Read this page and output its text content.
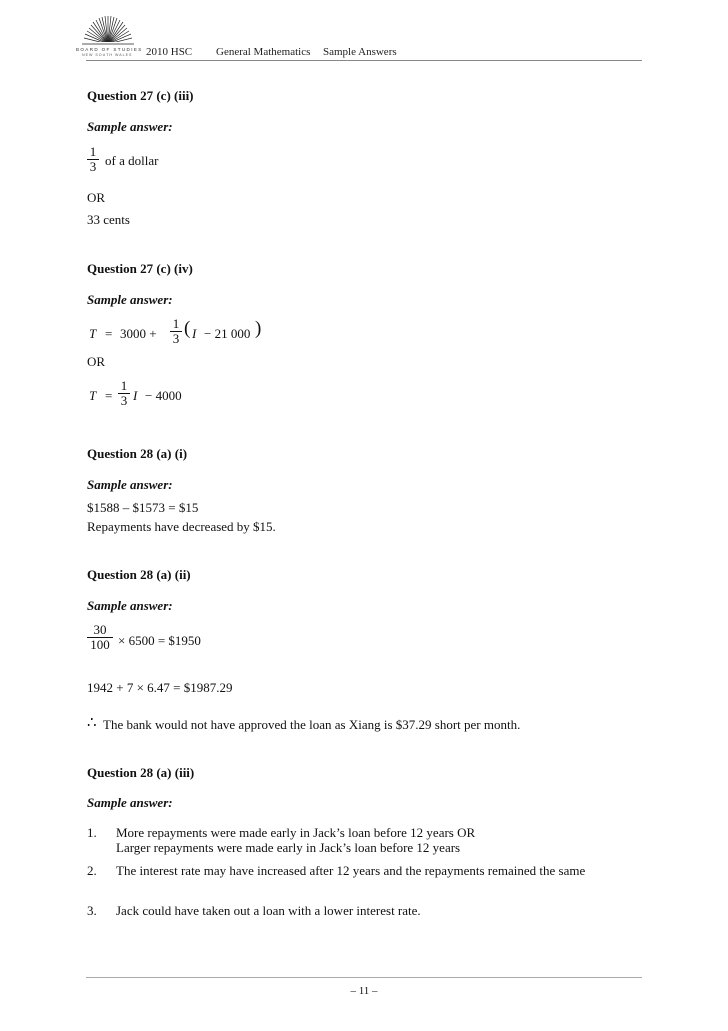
BOARD OF STUDIES
NEW SOUTH WALES 2010 HSC General Mathematics Sample Answers
Question 27 (c) (iii)
Sample answer:
$\frac{1}{3}$ of a dollar
OR
33 cents
Question 27 (c) (iv)
Sample answer:
$T = 3000 + \frac{1}{3}$ ( I − 21 000 )
OR
$T = \frac{1}{3}$ I − 4000
Question 28 (a) (i)
Sample answer:
$1588 – $1573 = $15
Repayments have decreased by $15.
Question 28 (a) (ii)
Sample answer:
$\frac{30}{100} \times 6500$ = $1950
1942 + 7 × 6.47 = $1987.29
∴ The bank would not have approved the loan as Xiang is $37.29 short per month.
Question 28 (a) (iii)
Sample answer:
1. More repayments were made early in Jack’s loan before 12 years OR
Larger repayments were made early in Jack’s loan before 12 years
2. The interest rate may have increased after 12 years and the repayments remained the same
3. Jack could have taken out a loan with a lower interest rate.
– 11 –
